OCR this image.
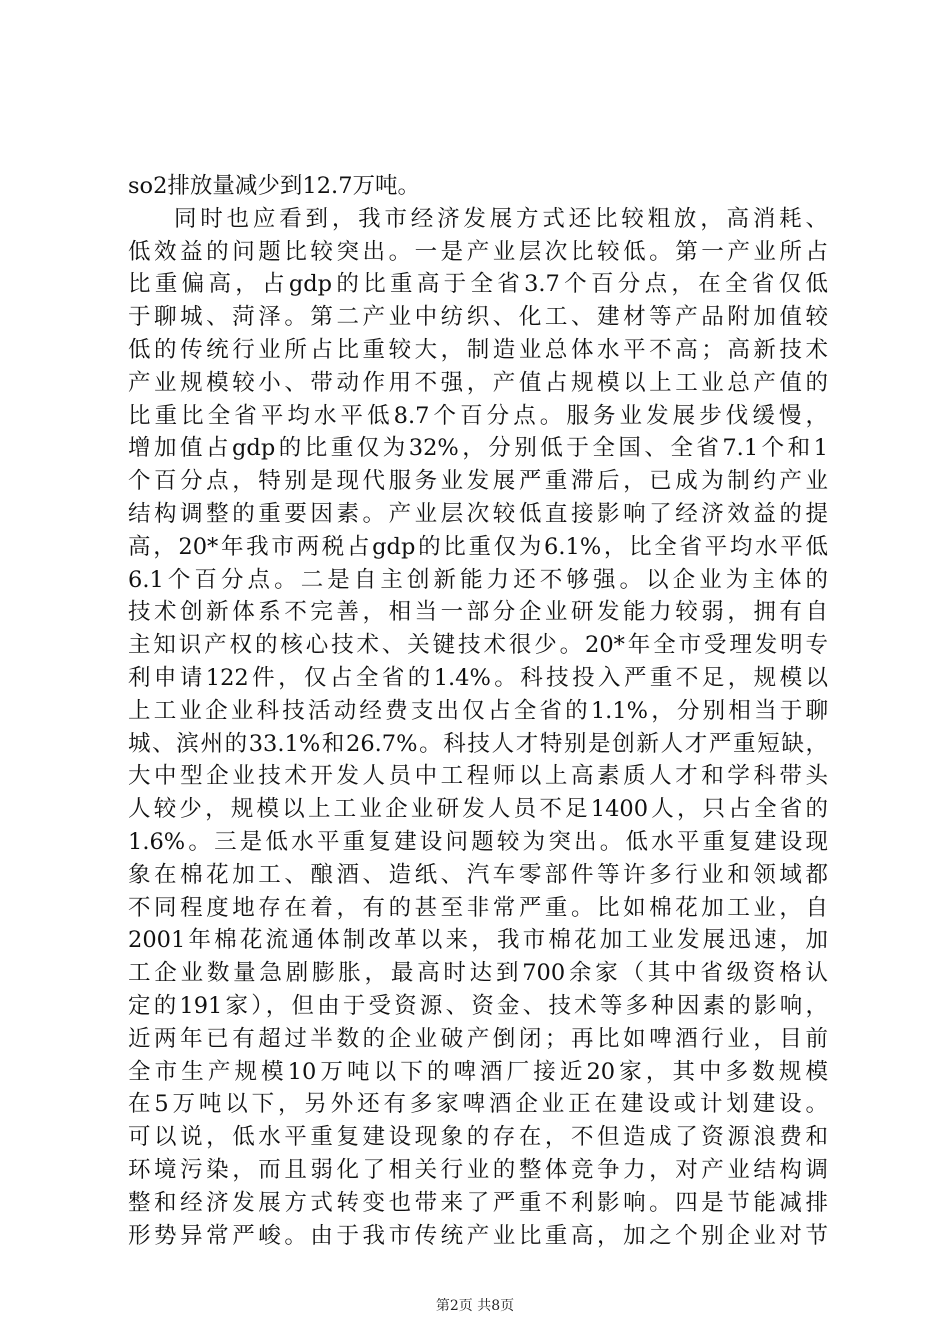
so2排放量减少到12.7万吨。
同时也应看到，我市经济发展方式还比较粗放，高消耗、
低效益的问题比较突出。一是产业层次比较低。第一产业所占
比重偏高，占gdp的比重高于全省3.7个百分点，在全省仅低
于聊城、菏泽。第二产业中纺织、化工、建材等产品附加值较
低的传统行业所占比重较大，制造业总体水平不高；高新技术
产业规模较小、带动作用不强，产值占规模以上工业总产值的
比重比全省平均水平低8.7个百分点。服务业发展步伐缓慢，
增加值占gdp的比重仅为32%，分别低于全国、全省7.1个和1
个百分点，特别是现代服务业发展严重滞后，已成为制约产业
结构调整的重要因素。产业层次较低直接影响了经济效益的提
高，20*年我市两税占gdp的比重仅为6.1%，比全省平均水平低
6.1个百分点。二是自主创新能力还不够强。以企业为主体的
技术创新体系不完善，相当一部分企业研发能力较弱，拥有自
主知识产权的核心技术、关键技术很少。20*年全市受理发明专
利申请122件，仅占全省的1.4%。科技投入严重不足，规模以
上工业企业科技活动经费支出仅占全省的1.1%，分别相当于聊
城、滨州的33.1%和26.7%。科技人才特别是创新人才严重短缺，
大中型企业技术开发人员中工程师以上高素质人才和学科带头
人较少，规模以上工业企业研发人员不足1400人，只占全省的
1.6%。三是低水平重复建设问题较为突出。低水平重复建设现
象在棉花加工、酿酒、造纸、汽车零部件等许多行业和领域都
不同程度地存在着，有的甚至非常严重。比如棉花加工业，自
2001年棉花流通体制改革以来，我市棉花加工业发展迅速，加
工企业数量急剧膨胀，最高时达到700余家（其中省级资格认
定的191家），但由于受资源、资金、技术等多种因素的影响，
近两年已有超过半数的企业破产倒闭；再比如啤酒行业，目前
全市生产规模10万吨以下的啤酒厂接近20家，其中多数规模
在5万吨以下，另外还有多家啤酒企业正在建设或计划建设。
可以说，低水平重复建设现象的存在，不但造成了资源浪费和
环境污染，而且弱化了相关行业的整体竞争力，对产业结构调
整和经济发展方式转变也带来了严重不利影响。四是节能减排
形势异常严峻。由于我市传统产业比重高，加之个别企业对节
第2页 共8页
